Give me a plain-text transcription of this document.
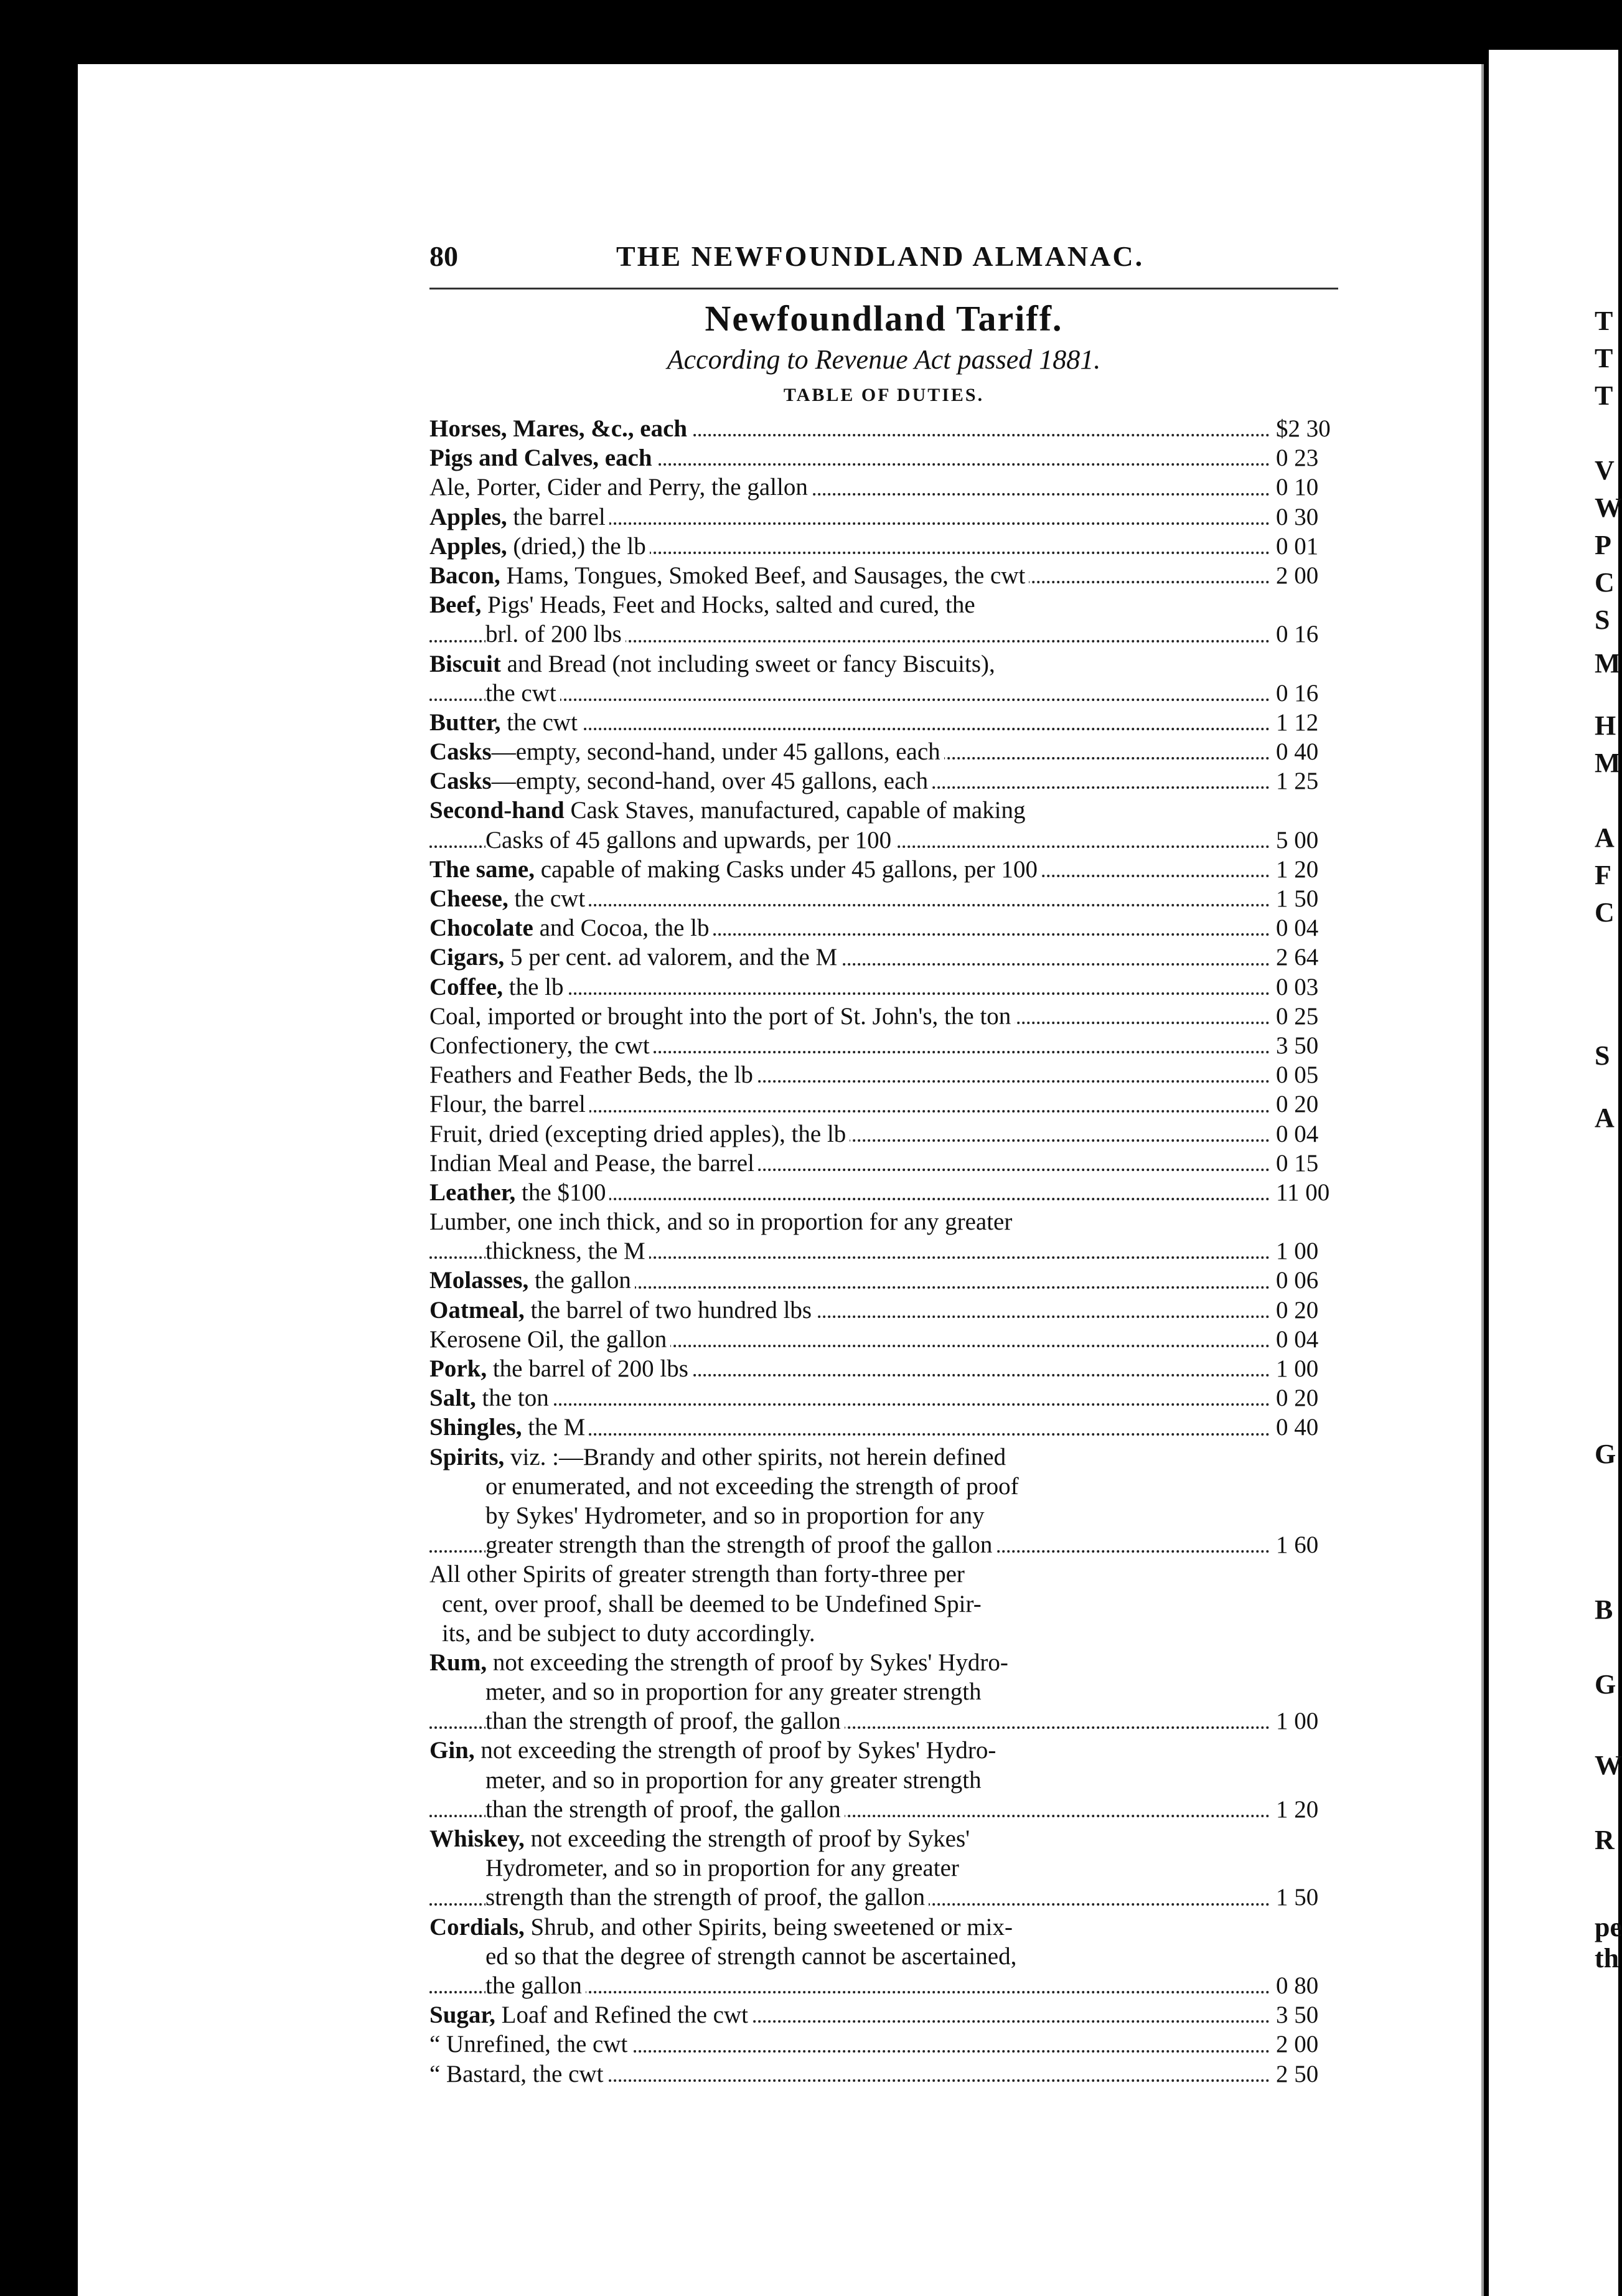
T
T
T
V
W
P
C
S
M
H
M
A
F
C
S
A
G
B
G
W
R
pe
th
80	THE NEWFOUNDLAND ALMANAC.
Newfoundland Tariff.
According to Revenue Act passed 1881.
TABLE OF DUTIES.
Horses, Mares, &c., each	$2 30
Pigs and Calves, each	0 23
Ale, Porter, Cider and Perry, the gallon	0 10
Apples, the barrel	0 30
Apples, (dried,) the lb	0 01
Bacon, Hams, Tongues, Smoked Beef, and Sausages, the cwt	2 00
Beef, Pigs' Heads, Feet and Hocks, salted and cured, the
brl. of 200 lbs	0 16
Biscuit and Bread (not including sweet or fancy Biscuits),
the cwt	0 16
Butter, the cwt	1 12
Casks—empty, second-hand, under 45 gallons, each	0 40
Casks—empty, second-hand, over 45 gallons, each	1 25
Second-hand Cask Staves, manufactured, capable of making
Casks of 45 gallons and upwards, per 100	5 00
The same, capable of making Casks under 45 gallons, per 100	1 20
Cheese, the cwt	1 50
Chocolate and Cocoa, the lb	0 04
Cigars, 5 per cent. ad valorem, and the M	2 64
Coffee, the lb	0 03
Coal, imported or brought into the port of St. John's, the ton	0 25
Confectionery, the cwt	3 50
Feathers and Feather Beds, the lb	0 05
Flour, the barrel	0 20
Fruit, dried (excepting dried apples), the lb	0 04
Indian Meal and Pease, the barrel	0 15
Leather, the $100	11 00
Lumber, one inch thick, and so in proportion for any greater
thickness, the M	1 00
Molasses, the gallon	0 06
Oatmeal, the barrel of two hundred lbs	0 20
Kerosene Oil, the gallon	0 04
Pork, the barrel of 200 lbs	1 00
Salt, the ton	0 20
Shingles, the M	0 40
Spirits, viz. :—Brandy and other spirits, not herein defined
or enumerated, and not exceeding the strength of proof
by Sykes' Hydrometer, and so in proportion for any
greater strength than the strength of proof the gallon	1 60
All other Spirits of greater strength than forty-three per
cent, over proof, shall be deemed to be Undefined Spir-
its, and be subject to duty accordingly.
Rum, not exceeding the strength of proof by Sykes' Hydro-
meter, and so in proportion for any greater strength
than the strength of proof, the gallon	1 00
Gin, not exceeding the strength of proof by Sykes' Hydro-
meter, and so in proportion for any greater strength
than the strength of proof, the gallon	1 20
Whiskey, not exceeding the strength of proof by Sykes'
Hydrometer, and so in proportion for any greater
strength than the strength of proof, the gallon	1 50
Cordials, Shrub, and other Spirits, being sweetened or mix-
ed so that the degree of strength cannot be ascertained,
the gallon	0 80
Sugar, Loaf and Refined the cwt	3 50
“ Unrefined, the cwt	2 00
“ Bastard, the cwt	2 50
